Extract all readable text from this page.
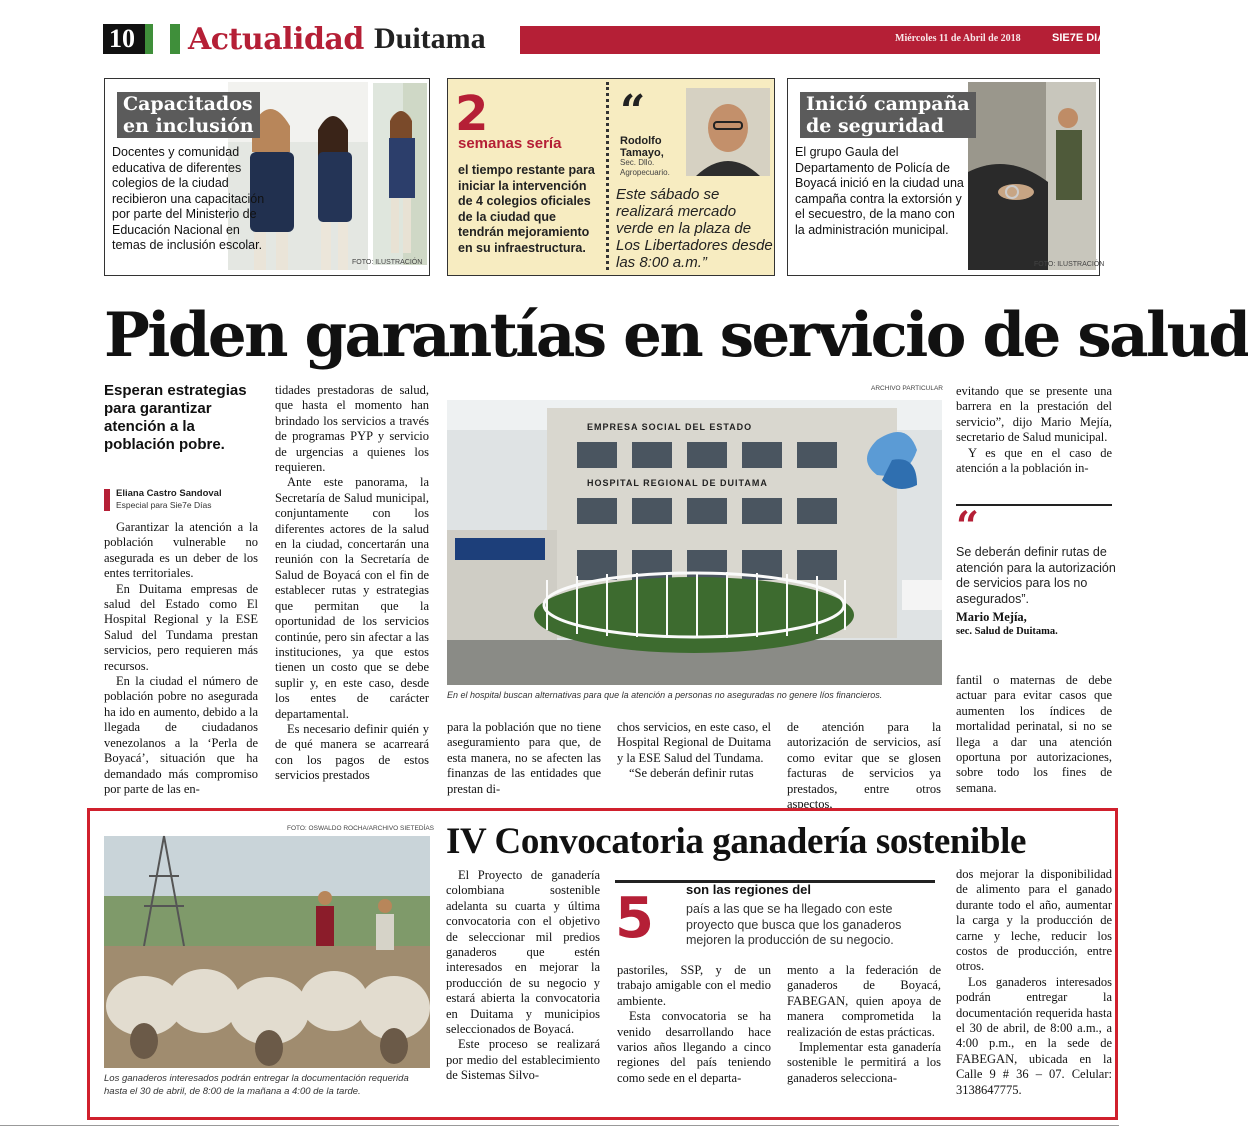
10	Actualidad Duitama	Miércoles 11 de Abril de 2018	SIE7E DIAS
Capacitados
en inclusión
Docentes y comunidad educativa de diferentes colegios de la ciudad recibieron una capacitación por parte del Ministerio de Educación Nacional en temas de inclusión escolar.
FOTO: ILUSTRACIÓN
2
semanas sería
el tiempo restante para iniciar la intervención de 4 colegios oficiales de la ciudad que tendrán mejoramiento en su infraestructura.
“
Rodolfo Tamayo,
Sec. Dllo. Agropecuario.
Este sábado se realizará mercado verde en la plaza de Los Libertadores desde las 8:00 a.m.”
Inició campaña
de seguridad
El grupo Gaula del Departamento de Policía de Boyacá inició en la ciudad una campaña contra la extorsión y el secuestro, de la mano con la administración municipal.
FOTO: ILUSTRACIÓN
Piden garantías en servicio de salud
Esperan estrategias para garantizar atención a la población pobre.
Eliana Castro Sandoval
Especial para Sie7e Días

Garantizar la atención a la población vulnerable no asegurada es un deber de los entes territoriales.

En Duitama empresas de salud del Estado como El Hospital Regional y la ESE Salud del Tundama prestan servicios, pero requieren más recursos.

En la ciudad el número de población pobre no asegurada ha ido en aumento, debido a la llegada de ciudadanos venezolanos a la ‘Perla de Boyacá’, situación que ha demandado más compromiso por parte de las en-

tidades prestadoras de salud, que hasta el momento han brindado los servicios a través de programas PYP y servicio de urgencias a quienes los requieren.

Ante este panorama, la Secretaría de Salud municipal, conjuntamente con los diferentes actores de la salud en la ciudad, concertarán una reunión con la Secretaría de Salud de Boyacá con el fin de establecer rutas y estrategias que permitan que la oportunidad de los servicios continúe, pero sin afectar a las instituciones, ya que estos tienen un costo que se debe suplir y, en este caso, desde los entes de carácter departamental.

Es necesario definir quién y de qué manera se acarreará con los pagos de estos servicios prestados

ARCHIVO PARTICULAR
EMPRESA SOCIAL DEL ESTADO
HOSPITAL REGIONAL DE DUITAMA
En el hospital buscan alternativas para que la atención a personas no aseguradas no genere líos financieros.

para la población que no tiene aseguramiento para que, de esta manera, no se afecten las finanzas de las entidades que prestan di-

chos servicios, en este caso, el Hospital Regional de Duitama y la ESE Salud del Tundama.

“Se deberán definir rutas

de atención para la autorización de servicios, así como evitar que se glosen facturas de servicios ya prestados, entre otros aspectos,

evitando que se presente una barrera en la prestación del servicio”, dijo Mario Mejía, secretario de Salud municipal.

Y es que en el caso de atención a la población in-

“
Se deberán definir rutas de atención para la autorización de servicios para los no asegurados”.
Mario Mejía,
sec. Salud de Duitama.

fantil o maternas de debe actuar para evitar casos que aumenten los índices de mortalidad perinatal, si no se llega a dar una atención oportuna por autorizaciones, sobre todo los fines de semana.

FOTO: OSWALDO ROCHA/ARCHIVO SIETEDÍAS
Los ganaderos interesados podrán entregar la documentación requerida hasta el 30 de abril, de 8:00 de la mañana a 4:00 de la tarde.
IV Convocatoria ganadería sostenible

El Proyecto de ganadería colombiana sostenible adelanta su cuarta y última convocatoria con el objetivo de seleccionar mil predios ganaderos que estén interesados en mejorar la producción de su negocio y estará abierta la convocatoria en Duitama y municipios seleccionados de Boyacá.

Este proceso se realizará por medio del establecimiento de Sistemas Silvo-

5 son las regiones del
país a las que se ha llegado con este proyecto que busca que los ganaderos mejoren la producción de su negocio.

pastoriles, SSP, y de un trabajo amigable con el medio ambiente.

Esta convocatoria se ha venido desarrollando hace varios años llegando a cinco regiones del país teniendo como sede en el departa-

mento a la federación de ganaderos de Boyacá, FABEGAN, quien apoya de manera comprometida la realización de estas prácticas.

Implementar esta ganadería sostenible le permitirá a los ganaderos selecciona-

dos mejorar la disponibilidad de alimento para el ganado durante todo el año, aumentar la carga y la producción de carne y leche, reducir los costos de producción, entre otros.

Los ganaderos interesados podrán entregar la documentación requerida hasta el 30 de abril, de 8:00 a.m., a 4:00 p.m., en la sede de FABEGAN, ubicada en la Calle 9 # 36 – 07. Celular: 3138647775.
